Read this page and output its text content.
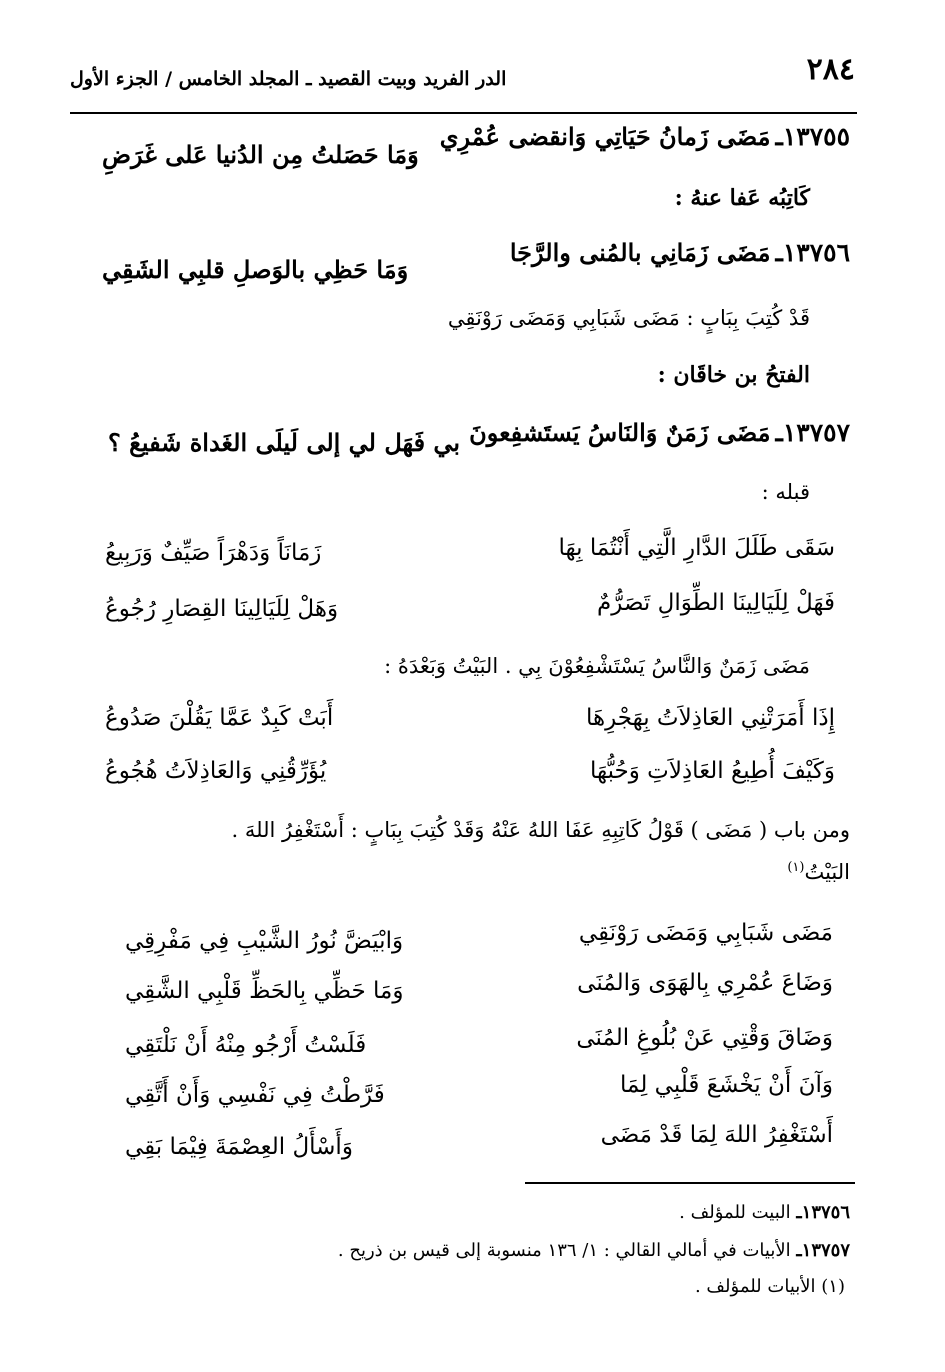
٢٨٤
الدر الفريد وبيت القصيد ـ المجلد الخامس / الجزء الأول
١٣٧٥٥ـ مَضَى زَمانُ حَيَاتِي وَانقضى عُمْرِي
وَمَا حَصَلتُ مِن الدُنيا عَلى غَرَضِ
كَاتِبُه عَفا عنهُ :
١٣٧٥٦ـ مَضَى زَمَانِي بالمُنى والرَّجَا
وَمَا حَظِي بالوَصلِ قلبِي الشَقِي
قَدْ كُتِبَ بِبَابٍ : مَضَى شَبَابِي وَمَضَى رَوْنَقِي
الفتحُ بن خاقَان :
١٣٧٥٧ـ مَضَى زَمَنٌ وَالنَاسُ يَستَشفِعونَ
بي فَهَل لي إلى لَيلَى الغَداة شَفيعُ ؟
قبله :
سَقَى طَلَلَ الدَّارِ الَّتِي أَنْتُمَا بِهَا
زَمَانَاً وَدَهْرَاً صَيِّفٌ وَرَبِيعُ
فَهَلْ لِلَيَالِينَا الطِّوَالِ تَصَرُّمٌ
وَهَلْ لِلَيَالِينَا القِصَارِ رُجُوعُ
مَضَى زَمَنٌ وَالنَّاسُ يَسْتَشْفِعُوْنَ بِي . البَيْتُ وَبَعْدَهُ :
إِذَا أَمَرَتْنِي العَاذِلاَتُ بِهَجْرِهَا
أَبَتْ كَبِدٌ عَمَّا يَقُلْنَ صَدُوعُ
وَكَيْفَ أُطِيعُ العَاذِلاَتِ وَحُبُّهَا
يُؤَرِّقُنِي وَالعَاذِلاَتُ هُجُوعُ
ومن باب ( مَضَى ) قَوْلُ كَاتِبِهِ عَفَا اللهُ عَنْهُ وَقَدْ كُتِبَ بِبَابٍ : أَسْتَغْفِرُ اللهَ .
البَيْتُ$^{(١)}$
مَضَى شَبَابِي وَمَضَى رَوْنَقِي
وَابْيَضَّ نُورُ الشَّيْبِ فِي مَفْرِقِي
وَضَاعَ عُمْرِي بِالهَوَى وَالمُنَى
وَمَا حَظِّي بِالحَظِّ قَلْبِي الشَّقِي
وَضَاقَ وَقْتِي عَنْ بُلُوغِ المُنَى
فَلَسْتُ أَرْجُو مِنْهُ أَنْ نَلْتَقِي
وَآنَ أَنْ يَخْشَعَ قَلْبِي لِمَا
فَرَّطْتُ فِي نَفْسِي وَأَنْ أَتَّقِي
أَسْتَغْفِرُ اللهَ لِمَا قَدْ مَضَى
وَأَسْأَلُ العِصْمَةَ فِيْمَا بَقِي
١٣٧٥٦ـ البيت للمؤلف .
١٣٧٥٧ـ الأبيات في أمالي القالي : ١/ ١٣٦ منسوبة إلى قيس بن ذريح .
(١) الأبيات للمؤلف .
